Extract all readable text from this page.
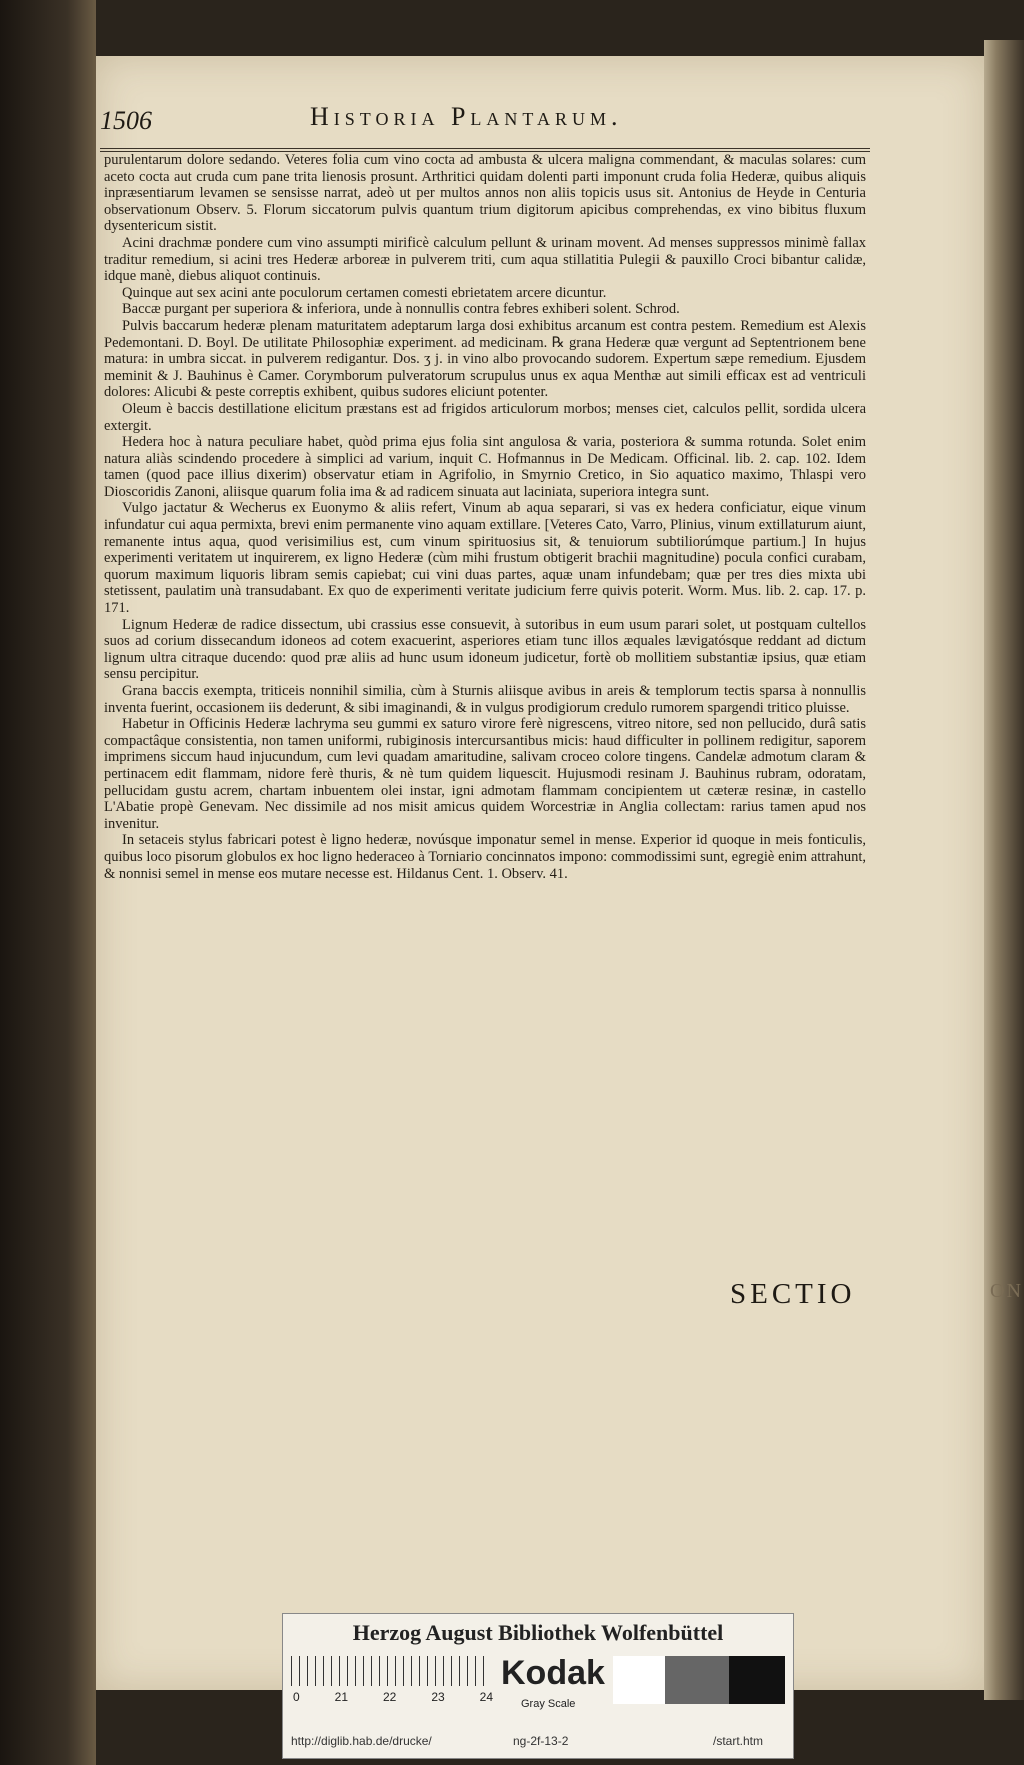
ON
1506	Historia Plantarum.

purulentarum dolore sedando. Veteres folia cum vino cocta ad ambusta & ulcera maligna commendant, & maculas solares: cum aceto cocta aut cruda cum pane trita lienosis prosunt. Arthritici quidam dolenti parti imponunt cruda folia Hederæ, quibus aliquis inpræsentiarum levamen se sensisse narrat, adeò ut per multos annos non aliis topicis usus sit. Antonius de Heyde in Centuria observationum Observ. 5. Florum siccatorum pulvis quantum trium digitorum apicibus comprehendas, ex vino bibitus fluxum dysentericum sistit.

Acini drachmæ pondere cum vino assumpti mirificè calculum pellunt & urinam movent. Ad menses suppressos minimè fallax traditur remedium, si acini tres Hederæ arboreæ in pulverem triti, cum aqua stillatitia Pulegii & pauxillo Croci bibantur calidæ, idque manè, diebus aliquot continuis.

Quinque aut sex acini ante poculorum certamen comesti ebrietatem arcere dicuntur.

Baccæ purgant per superiora & inferiora, unde à nonnullis contra febres exhiberi solent. Schrod.

Pulvis baccarum hederæ plenam maturitatem adeptarum larga dosi exhibitus arcanum est contra pestem. Remedium est Alexis Pedemontani. D. Boyl. De utilitate Philosophiæ experiment. ad medicinam. ℞ grana Hederæ quæ vergunt ad Septentrionem bene matura: in umbra siccat. in pulverem redigantur. Dos. ʒ j. in vino albo provocando sudorem. Expertum sæpe remedium. Ejusdem meminit & J. Bauhinus è Camer. Corymborum pulveratorum scrupulus unus ex aqua Menthæ aut simili efficax est ad ventriculi dolores: Alicubi & peste correptis exhibent, quibus sudores eliciunt potenter.

Oleum è baccis destillatione elicitum præstans est ad frigidos articulorum morbos; menses ciet, calculos pellit, sordida ulcera extergit.

Hedera hoc à natura peculiare habet, quòd prima ejus folia sint angulosa & varia, posteriora & summa rotunda. Solet enim natura aliàs scindendo procedere à simplici ad varium, inquit C. Hofmannus in De Medicam. Officinal. lib. 2. cap. 102. Idem tamen (quod pace illius dixerim) observatur etiam in Agrifolio, in Smyrnio Cretico, in Sio aquatico maximo, Thlaspi vero Dioscoridis Zanoni, aliisque quarum folia ima & ad radicem sinuata aut laciniata, superiora integra sunt.

Vulgo jactatur & Wecherus ex Euonymo & aliis refert, Vinum ab aqua separari, si vas ex hedera conficiatur, eique vinum infundatur cui aqua permixta, brevi enim permanente vino aquam extillare. [Veteres Cato, Varro, Plinius, vinum extillaturum aiunt, remanente intus aqua, quod verisimilius est, cum vinum spirituosius sit, & tenuiorum subtiliorúmque partium.] In hujus experimenti veritatem ut inquirerem, ex ligno Hederæ (cùm mihi frustum obtigerit brachii magnitudine) pocula confici curabam, quorum maximum liquoris libram semis capiebat; cui vini duas partes, aquæ unam infundebam; quæ per tres dies mixta ubi stetissent, paulatim unà transudabant. Ex quo de experimenti veritate judicium ferre quivis poterit. Worm. Mus. lib. 2. cap. 17. p. 171.

Lignum Hederæ de radice dissectum, ubi crassius esse consuevit, à sutoribus in eum usum parari solet, ut postquam cultellos suos ad corium dissecandum idoneos ad cotem exacuerint, asperiores etiam tunc illos æquales lævigatósque reddant ad dictum lignum ultra citraque ducendo: quod præ aliis ad hunc usum idoneum judicetur, fortè ob mollitiem substantiæ ipsius, quæ etiam sensu percipitur.

Grana baccis exempta, triticeis nonnihil similia, cùm à Sturnis aliisque avibus in areis & templorum tectis sparsa à nonnullis inventa fuerint, occasionem iis dederunt, & sibi imaginandi, & in vulgus prodigiorum credulo rumorem spargendi tritico pluisse.

Habetur in Officinis Hederæ lachryma seu gummi ex saturo virore ferè nigrescens, vitreo nitore, sed non pellucido, durâ satis compactâque consistentia, non tamen uniformi, rubiginosis intercursantibus micis: haud difficulter in pollinem redigitur, saporem imprimens siccum haud injucundum, cum levi quadam amaritudine, salivam croceo colore tingens. Candelæ admotum claram & pertinacem edit flammam, nidore ferè thuris, & nè tum quidem liquescit. Hujusmodi resinam J. Bauhinus rubram, odoratam, pellucidam gustu acrem, chartam inbuentem olei instar, igni admotam flammam concipientem ut cæteræ resinæ, in castello L'Abatie propè Genevam. Nec dissimile ad nos misit amicus quidem Worcestriæ in Anglia collectam: rarius tamen apud nos invenitur.

In setaceis stylus fabricari potest è ligno hederæ, novúsque imponatur semel in mense. Experior id quoque in meis fonticulis, quibus loco pisorum globulos ex hoc ligno hederaceo à Torniario concinnatos impono: commodissimi sunt, egregiè enim attrahunt, & nonnisi semel in mense eos mutare necesse est. Hildanus Cent. 1. Observ. 41.

SECTIO
Herzog August Bibliothek Wolfenbüttel
0	21	22	23	24
Kodak
Gray Scale
http://diglib.hab.de/drucke/	ng-2f-13-2	/start.htm
